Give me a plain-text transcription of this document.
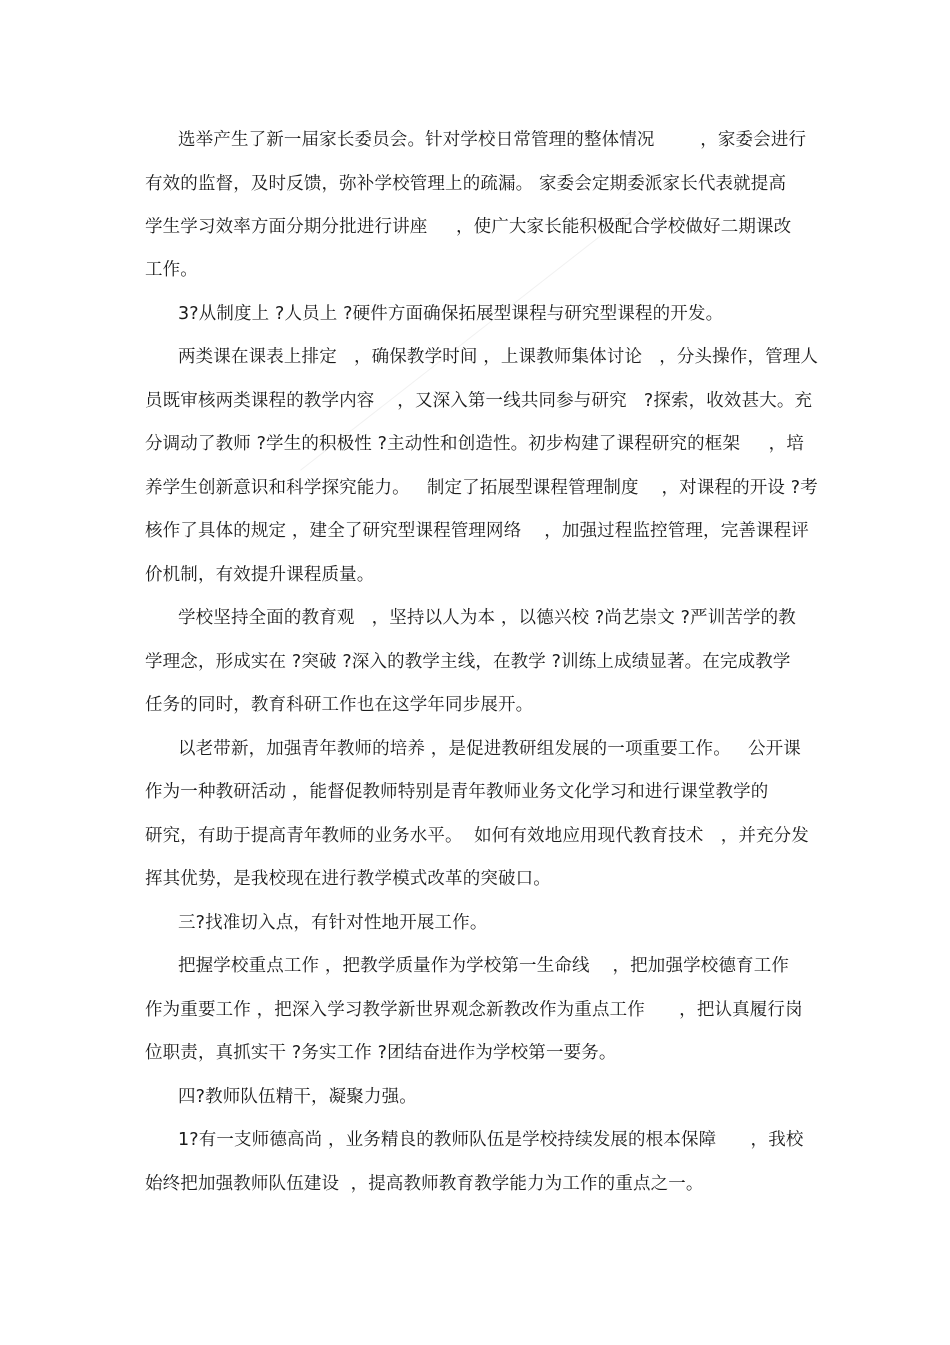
选举产生了新一届家长委员会。针对学校日常管理的整体情况        ，家委会进行
有效的监督，及时反馈，弥补学校管理上的疏漏。 家委会定期委派家长代表就提高
学生学习效率方面分期分批进行讲座     ，使广大家长能积极配合学校做好二期课改
工作。
3?从制度上 ?人员上 ?硬件方面确保拓展型课程与研究型课程的开发。
两类课在课表上排定   ，确保教学时间 ，上课教师集体讨论   ，分头操作，管理人
员既审核两类课程的教学内容    ，又深入第一线共同参与研究   ?探索，收效甚大。充
分调动了教师 ?学生的积极性 ?主动性和创造性。初步构建了课程研究的框架     ，培
养学生创新意识和科学探究能力。   制定了拓展型课程管理制度    ，对课程的开设 ?考
核作了具体的规定 ，建全了研究型课程管理网络    ，加强过程监控管理，完善课程评
价机制，有效提升课程质量。
学校坚持全面的教育观   ，坚持以人为本 ，以德兴校 ?尚艺崇文 ?严训苦学的教
学理念，形成实在 ?突破 ?深入的教学主线，在教学 ?训练上成绩显著。在完成教学
任务的同时，教育科研工作也在这学年同步展开。
以老带新，加强青年教师的培养 ，是促进教研组发展的一项重要工作。   公开课
作为一种教研活动 ，能督促教师特别是青年教师业务文化学习和进行课堂教学的
研究，有助于提高青年教师的业务水平。  如何有效地应用现代教育技术   ，并充分发
挥其优势，是我校现在进行教学模式改革的突破口。
三?找准切入点，有针对性地开展工作。
把握学校重点工作 ，把教学质量作为学校第一生命线    ，把加强学校德育工作
作为重要工作 ，把深入学习教学新世界观念新教改作为重点工作      ，把认真履行岗
位职责，真抓实干 ?务实工作 ?团结奋进作为学校第一要务。
四?教师队伍精干，凝聚力强。
1?有一支师德高尚 ，业务精良的教师队伍是学校持续发展的根本保障      ，我校
始终把加强教师队伍建设  ，提高教师教育教学能力为工作的重点之一。
